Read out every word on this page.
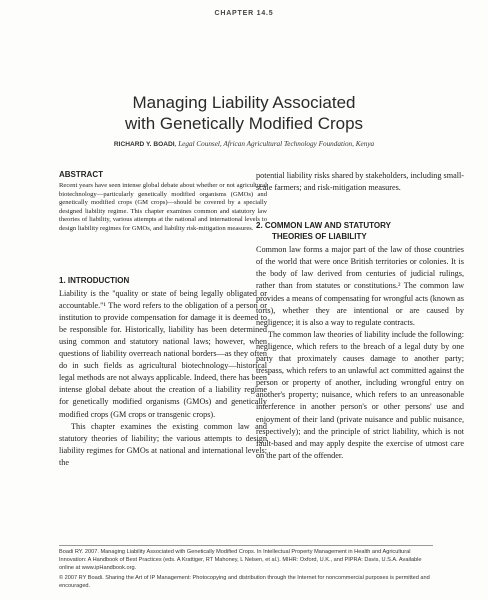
CHAPTER 14.5
Managing Liability Associated
with Genetically Modified Crops
RICHARD Y. BOADI, Legal Counsel, African Agricultural Technology Foundation, Kenya

ABSTRACT

Recent years have seen intense global debate about whether or not agricultural biotechnology—particularly genetically modified organisms (GMOs) and genetically modified crops (GM crops)—should be covered by a specially designed liability regime. This chapter examines common and statutory law theories of liability, various attempts at the national and international levels to design liability regimes for GMOs, and liability risk-mitigation measures.

1. INTRODUCTION

Liability is the "quality or state of being legally obligated or accountable."¹ The word refers to the obligation of a person or institution to provide compensation for damage it is deemed to be responsible for. Historically, liability has been determined using common and statutory national laws; however, when questions of liability overreach national borders—as they often do in such fields as agricultural biotechnology—historical legal methods are not always applicable. Indeed, there has been intense global debate about the creation of a liability regime for genetically modified organisms (GMOs) and genetically modified crops (GM crops or transgenic crops).

This chapter examines the existing common law and statutory theories of liability; the various attempts to design liability regimes for GMOs at national and international levels; the

potential liability risks shared by stakeholders, including small-scale farmers; and risk-mitigation measures.

2. COMMON LAW AND STATUTORY
THEORIES OF LIABILITY

Common law forms a major part of the law of those countries of the world that were once British territories or colonies. It is the body of law derived from centuries of judicial rulings, rather than from statutes or constitutions.² The common law provides a means of compensating for wrongful acts (known as torts), whether they are intentional or are caused by negligence; it is also a way to regulate contracts.

The common law theories of liability include the following: negligence, which refers to the breach of a legal duty by one party that proximately causes damage to another party; trespass, which refers to an unlawful act committed against the person or property of another, including wrongful entry on another's property; nuisance, which refers to an unreasonable interference in another person's or other persons' use and enjoyment of their land (private nuisance and public nuisance, respectively); and the principle of strict liability, which is not fault-based and may apply despite the exercise of utmost care on the part of the offender.

Boadi RY. 2007. Managing Liability Associated with Genetically Modified Crops. In Intellectual Property Management in Health and Agricultural Innovation: A Handbook of Best Practices (eds. A Krattiger, RT Mahoney, L Nelsen, et al.). MIHR: Oxford, U.K., and PIPRA: Davis, U.S.A. Available online at www.ipHandbook.org.
© 2007 RY Boadi. Sharing the Art of IP Management: Photocopying and distribution through the Internet for noncommercial purposes is permitted and encouraged.
